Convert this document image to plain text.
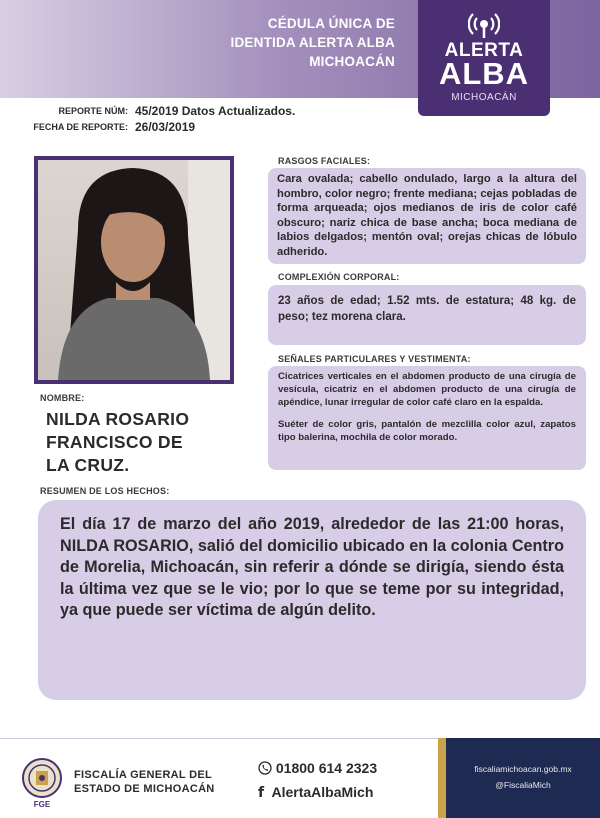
CÉDULA ÚNICA DE
IDENTIDA ALERTA ALBA
MICHOACÁN
ALERTA
ALBA
MICHOACÁN
REPORTE NÚM: 45/2019 Datos Actualizados.
FECHA DE REPORTE: 26/03/2019
NOMBRE:
NILDA ROSARIO
FRANCISCO DE
LA CRUZ.
RASGOS FACIALES:
Cara ovalada; cabello ondulado, largo a la altura del hombro, color negro; frente mediana; cejas pobladas de forma arqueada; ojos medianos de iris de color café obscuro; nariz chica de base ancha; boca mediana de labios delgados; mentón oval; orejas chicas de lóbulo adherido.
COMPLEXIÓN CORPORAL:
23 años de edad; 1.52 mts. de estatura; 48 kg. de peso; tez morena clara.
SEÑALES PARTICULARES Y VESTIMENTA:
Cicatrices verticales en el abdomen producto de una cirugía de vesícula, cicatriz en el abdomen producto de una cirugía de apéndice, lunar irregular de color café claro en la espalda.
Suéter de color gris, pantalón de mezclilla color azul, zapatos tipo balerina, mochila de color morado.
RESUMEN DE LOS HECHOS:
El día 17 de marzo del año 2019, alrededor de las 21:00 horas, NILDA ROSARIO, salió del domicilio ubicado en la colonia Centro de Morelia, Michoacán, sin referir a dónde se dirigía, siendo ésta la última vez que se le vio; por lo que se teme por su integridad, ya que puede ser víctima de algún delito.
FGE
FISCALÍA GENERAL DEL
ESTADO DE MICHOACÁN
01800 614 2323
f AlertaAlbaMich
fiscaliamichoacan.gob.mx
@FiscaliaMich
